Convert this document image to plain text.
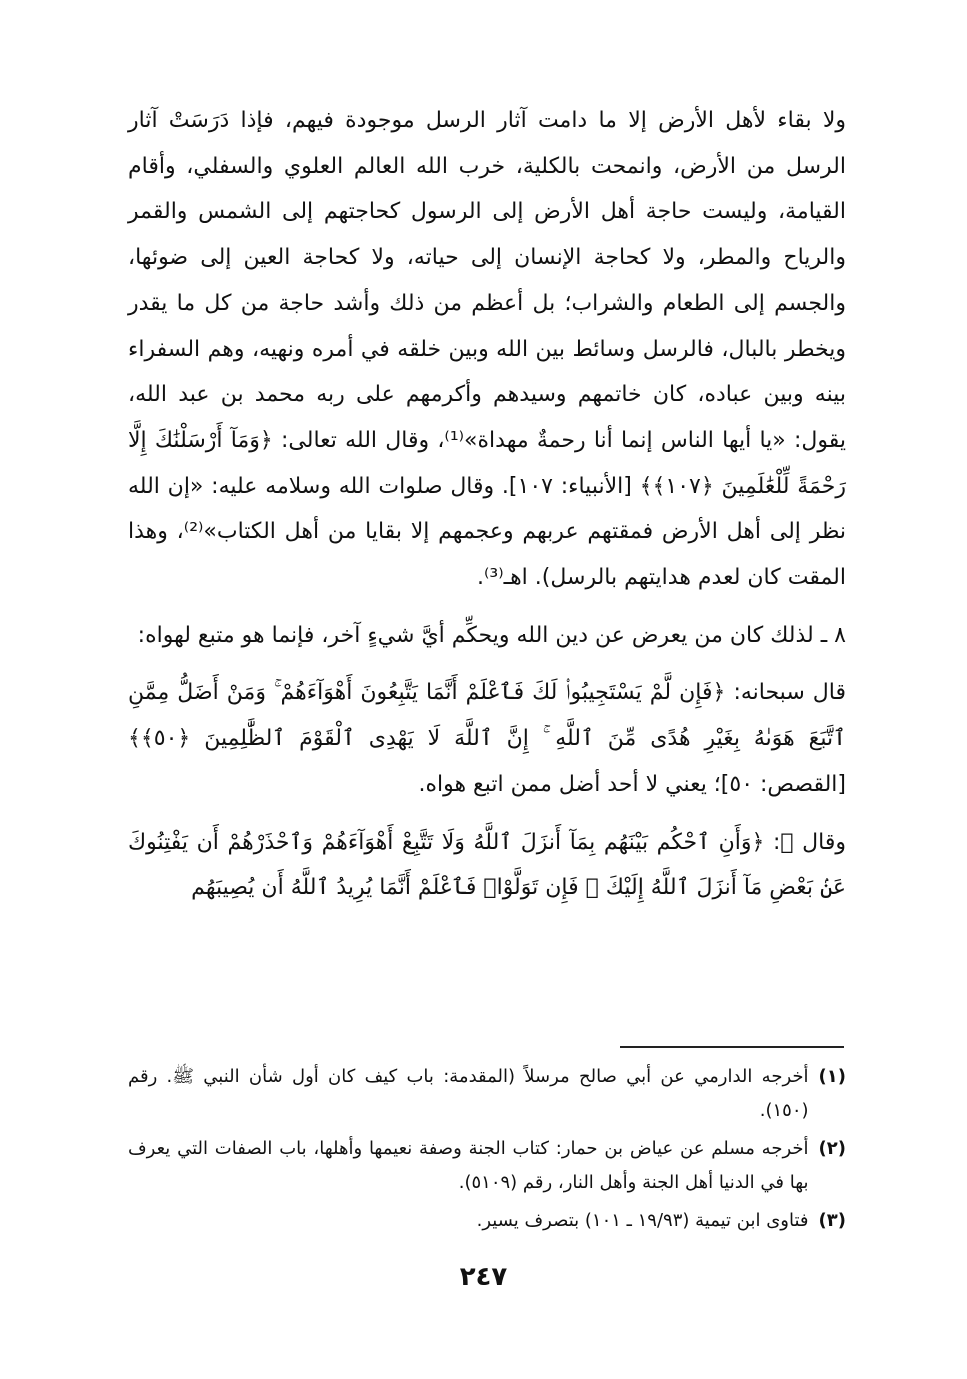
ولا بقاء لأهل الأرض إلا ما دامت آثار الرسل موجودة فيهم، فإذا دَرَسَتْ آثار الرسل من الأرض، وانمحت بالكلية، خرب الله العالم العلوي والسفلي، وأقام القيامة، وليست حاجة أهل الأرض إلى الرسول كحاجتهم إلى الشمس والقمر والرياح والمطر، ولا كحاجة الإنسان إلى حياته، ولا كحاجة العين إلى ضوئها، والجسم إلى الطعام والشراب؛ بل أعظم من ذلك وأشد حاجة من كل ما يقدر ويخطر بالبال، فالرسل وسائط بين الله وبين خلقه في أمره ونهيه، وهم السفراء بينه وبين عباده، كان خاتمهم وسيدهم وأكرمهم على ربه محمد بن عبد الله، يقول: «يا أيها الناس إنما أنا رحمةٌ مهداة»⁽¹⁾، وقال الله تعالى: ﴿وَمَآ أَرْسَلْنَٰكَ إِلَّا رَحْمَةً لِّلْعَٰلَمِينَ ﴿١٠٧﴾﴾ [الأنبياء: ١٠٧]. وقال صلوات الله وسلامه عليه: «إن الله نظر إلى أهل الأرض فمقتهم عربهم وعجمهم إلا بقايا من أهل الكتاب»⁽²⁾، وهذا المقت كان لعدم هدايتهم بالرسل). اهـ⁽³⁾.

٨ ـ لذلك كان من يعرض عن دين الله ويحكِّم أيَّ شيءٍ آخر، فإنما هو متبع لهواه:

قال سبحانه: ﴿فَإِن لَّمْ يَسْتَجِيبُوا۟ لَكَ فَٱعْلَمْ أَنَّمَا يَتَّبِعُونَ أَهْوَآءَهُمْ ۚ وَمَنْ أَضَلُّ مِمَّنِ ٱتَّبَعَ هَوَىٰهُ بِغَيْرِ هُدًى مِّنَ ٱللَّهِ ۚ إِنَّ ٱللَّهَ لَا يَهْدِى ٱلْقَوْمَ ٱلظَّٰلِمِينَ ﴿٥٠﴾﴾ [القصص: ٥٠]؛ يعني لا أحد أضل ممن اتبع هواه.

وقال ﷻ: ﴿وَأَنِ ٱحْكُم بَيْنَهُم بِمَآ أَنزَلَ ٱللَّهُ وَلَا تَتَّبِعْ أَهْوَآءَهُمْ وَٱحْذَرْهُمْ أَن يَفْتِنُوكَ عَنۢ بَعْضِ مَآ أَنزَلَ ٱللَّهُ إِلَيْكَ ۖ فَإِن تَوَلَّوْا۟ فَٱعْلَمْ أَنَّمَا يُرِيدُ ٱللَّهُ أَن يُصِيبَهُم

(١)
أخرجه الدارمي عن أبي صالح مرسلاً (المقدمة: باب كيف كان أول شأن النبي ﷺ. رقم (١٥٠).
(٢)
أخرجه مسلم عن عياض بن حمار: كتاب الجنة وصفة نعيمها وأهلها، باب الصفات التي يعرف بها في الدنيا أهل الجنة وأهل النار، رقم (٥١٠٩).
(٣)
فتاوى ابن تيمية (١٩/٩٣ ـ ١٠١) بتصرف يسير.
٢٤٧
